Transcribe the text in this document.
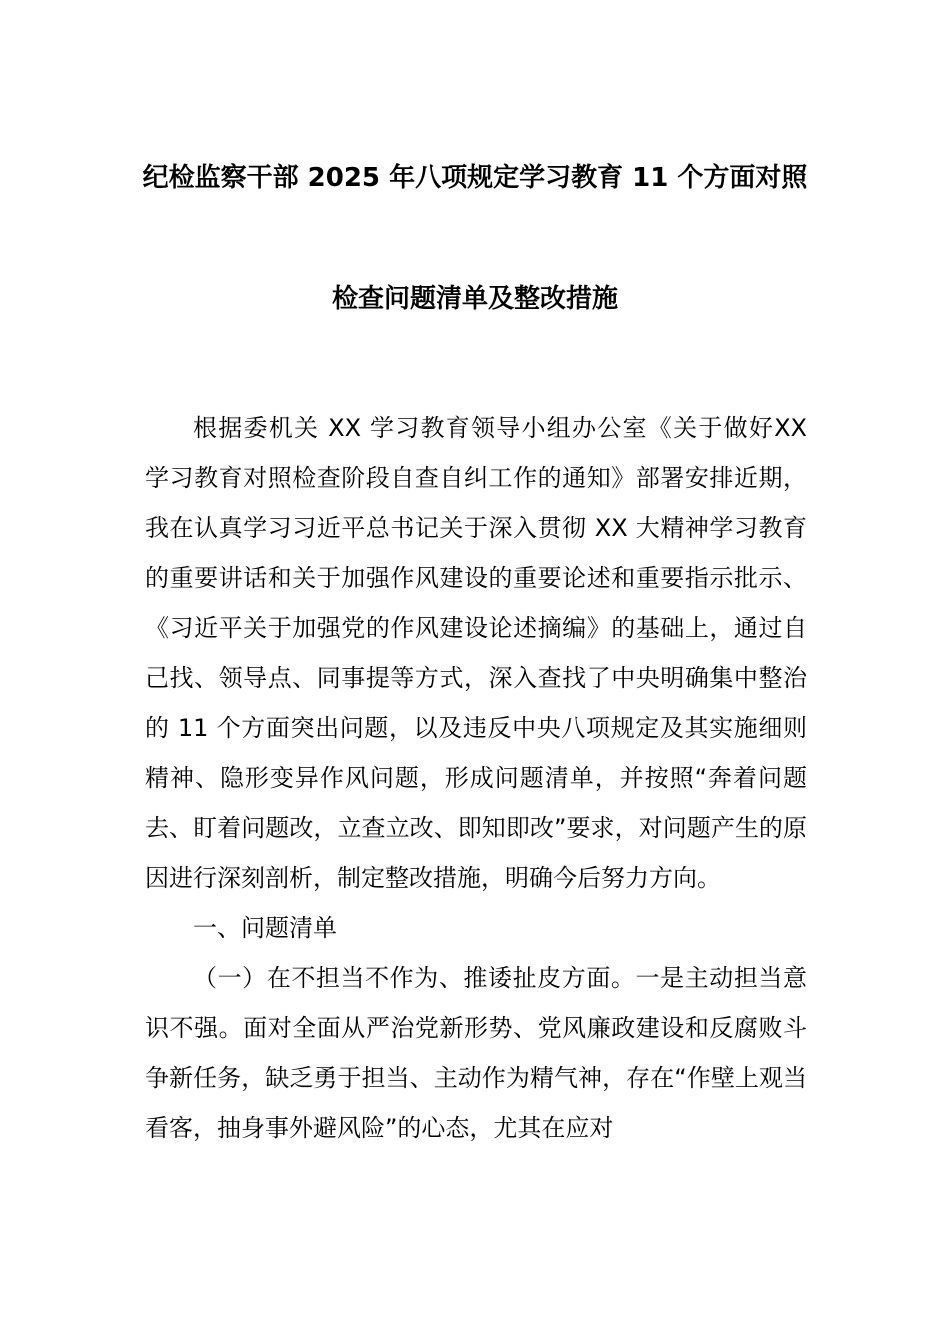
纪检监察干部 2025 年八项规定学习教育 11 个方面对照
检查问题清单及整改措施

根据委机关 XX 学习教育领导小组办公室《关于做好XX 学习教育对照检查阶段自查自纠工作的通知》部署安排近期，我在认真学习习近平总书记关于深入贯彻 XX 大精神学习教育的重要讲话和关于加强作风建设的重要论述和重要指示批示、《习近平关于加强党的作风建设论述摘编》的基础上，通过自己找、领导点、同事提等方式，深入查找了中央明确集中整治的 11 个方面突出问题，以及违反中央八项规定及其实施细则精神、隐形变异作风问题，形成问题清单，并按照“奔着问题去、盯着问题改，立查立改、即知即改”要求，对问题产生的原因进行深刻剖析，制定整改措施，明确今后努力方向。

一、问题清单

（一）在不担当不作为、推诿扯皮方面。一是主动担当意识不强。面对全面从严治党新形势、党风廉政建设和反腐败斗争新任务，缺乏勇于担当、主动作为精气神，存在“作壁上观当看客，抽身事外避风险”的心态，尤其在应对
